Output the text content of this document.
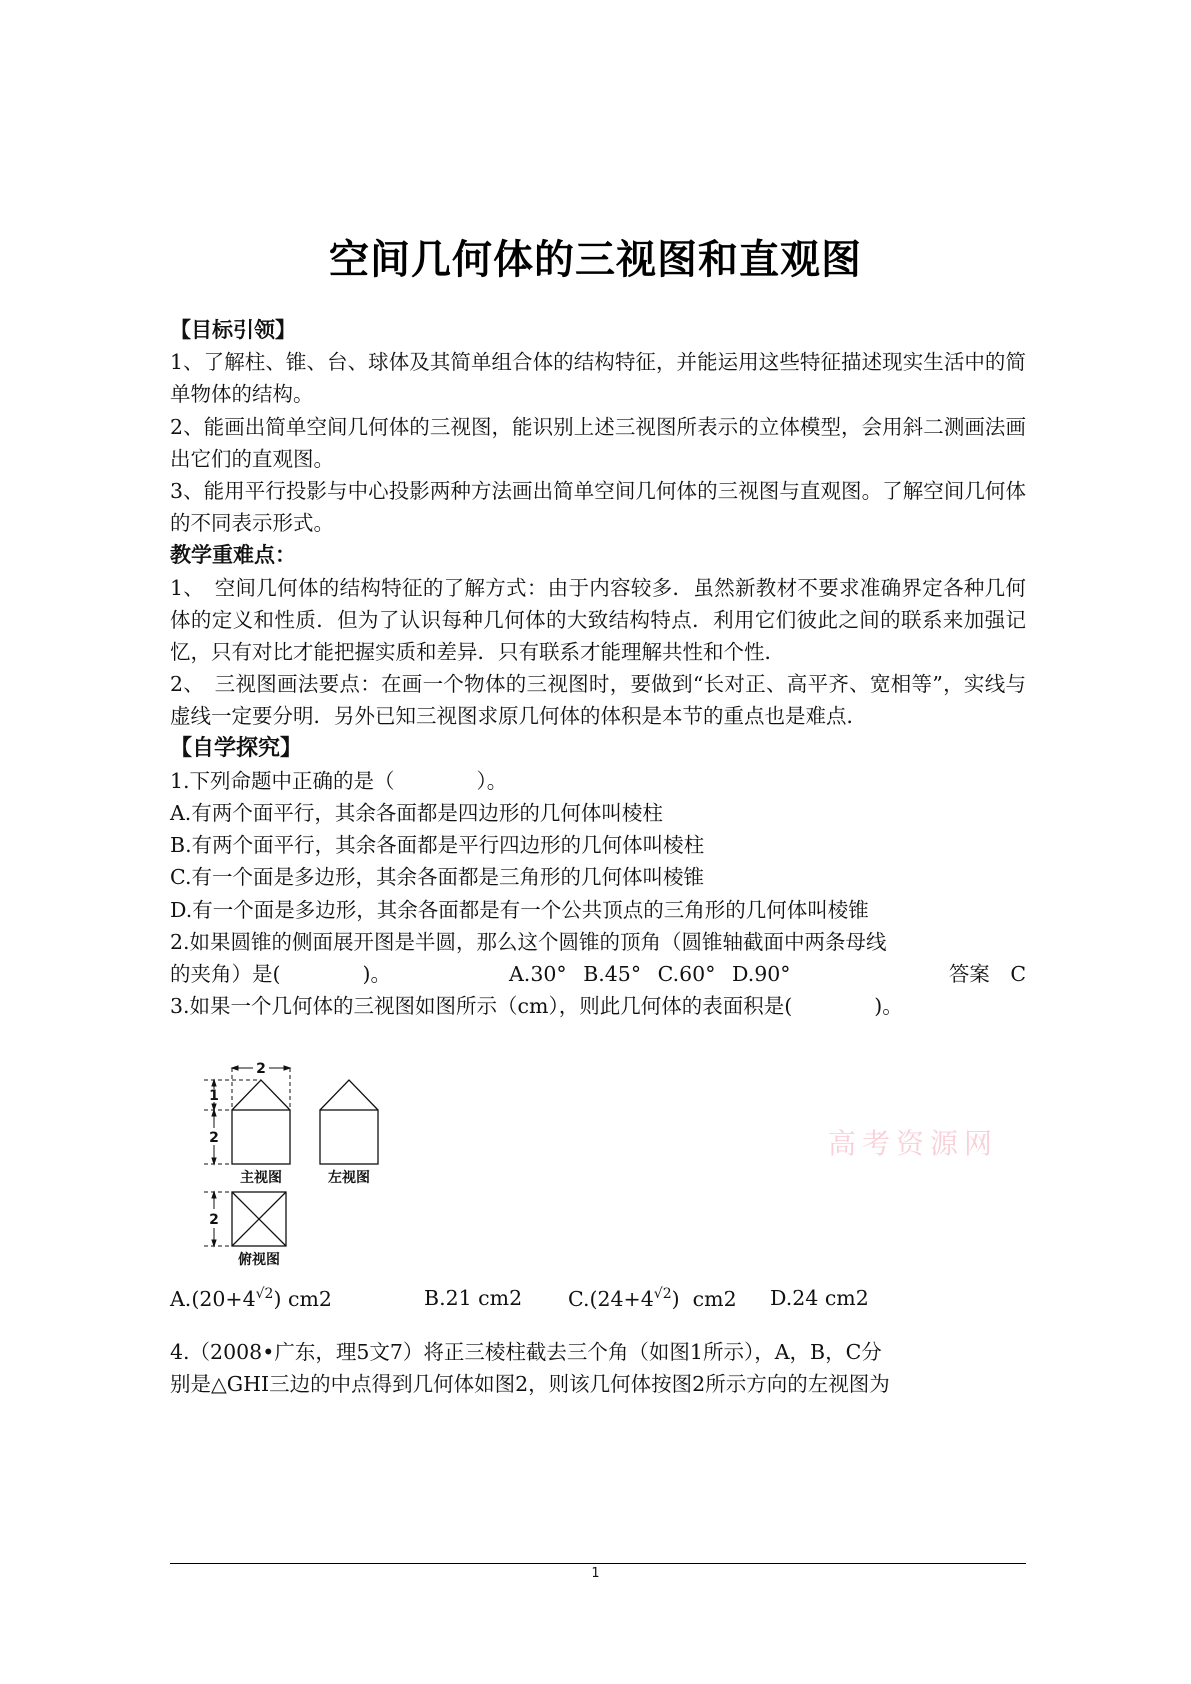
空间几何体的三视图和直观图

【目标引领】

1、了解柱、锥、台、球体及其简单组合体的结构特征，并能运用这些特征描述现实生活中的简单物体的结构。

2、能画出简单空间几何体的三视图，能识别上述三视图所表示的立体模型，会用斜二测画法画出它们的直观图。

3、能用平行投影与中心投影两种方法画出简单空间几何体的三视图与直观图。了解空间几何体的不同表示形式。

教学重难点：

1、　空间几何体的结构特征的了解方式：由于内容较多．虽然新教材不要求准确界定各种几何体的定义和性质．但为了认识每种几何体的大致结构特点．利用它们彼此之间的联系来加强记忆，只有对比才能把握实质和差异．只有联系才能理解共性和个性．

2、　三视图画法要点：在画一个物体的三视图时，要做到“长对正、高平齐、宽相等”，实线与虚线一定要分明．另外已知三视图求原几何体的体积是本节的重点也是难点．

【自学探究】

1.下列命题中正确的是（　　　　）。

A.有两个面平行，其余各面都是四边形的几何体叫棱柱

B.有两个面平行，其余各面都是平行四边形的几何体叫棱柱

C.有一个面是多边形，其余各面都是三角形的几何体叫棱锥

D.有一个面是多边形，其余各面都是有一个公共顶点的三角形的几何体叫棱锥

2.如果圆锥的侧面展开图是半圆，那么这个圆锥的顶角（圆锥轴截面中两条母线

的夹角）是(　　　　)。	A.30° B.45° C.60° D.90°	答案　 C

3.如果一个几何体的三视图如图所示（cm），则此几何体的表面积是(　　　　)。

2
1
2
2
主视图	左视图
俯视图
高考资源网

$A.(20+4^{√2})$ cm2

	B.21 cm2

$C.(24+4^{√2})$  cm2

D.24 cm2

4.（2008•广东，理5文7）将正三棱柱截去三个角（如图1所示），A，B，C分

别是△GHI三边的中点得到几何体如图2，则该几何体按图2所示方向的左视图为

1
